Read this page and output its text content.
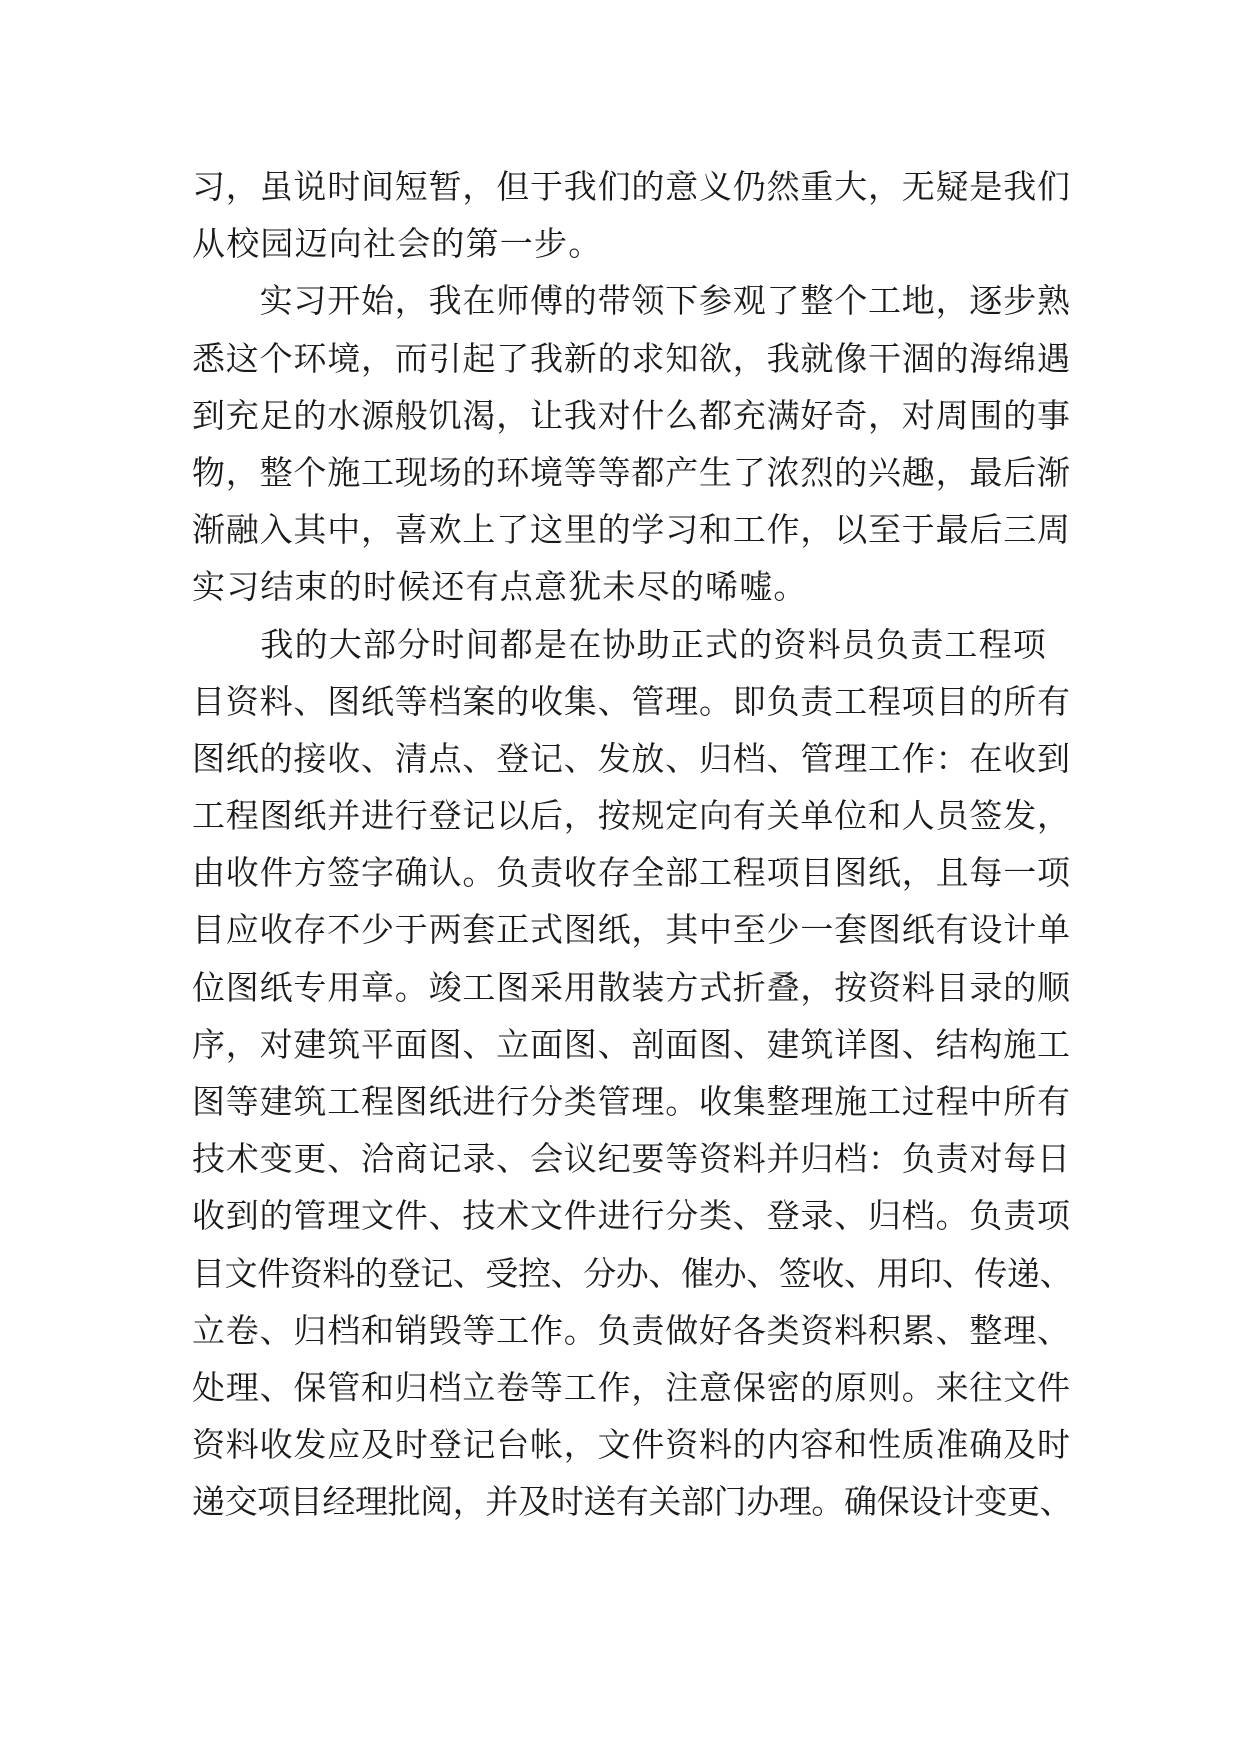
习，虽说时间短暂，但于我们的意义仍然重大，无疑是我们
从校园迈向社会的第一步。
　　实习开始，我在师傅的带领下参观了整个工地，逐步熟
悉这个环境，而引起了我新的求知欲，我就像干涸的海绵遇
到充足的水源般饥渴，让我对什么都充满好奇，对周围的事
物，整个施工现场的环境等等都产生了浓烈的兴趣，最后渐
渐融入其中，喜欢上了这里的学习和工作，以至于最后三周
实习结束的时候还有点意犹未尽的唏嘘。
　　我的大部分时间都是在协助正式的资料员负责工程项
目资料、图纸等档案的收集、管理。即负责工程项目的所有
图纸的接收、清点、登记、发放、归档、管理工作：在收到
工程图纸并进行登记以后，按规定向有关单位和人员签发，
由收件方签字确认。负责收存全部工程项目图纸，且每一项
目应收存不少于两套正式图纸，其中至少一套图纸有设计单
位图纸专用章。竣工图采用散装方式折叠，按资料目录的顺
序，对建筑平面图、立面图、剖面图、建筑详图、结构施工
图等建筑工程图纸进行分类管理。收集整理施工过程中所有
技术变更、洽商记录、会议纪要等资料并归档：负责对每日
收到的管理文件、技术文件进行分类、登录、归档。负责项
目文件资料的登记、受控、分办、催办、签收、用印、传递、
立卷、归档和销毁等工作。负责做好各类资料积累、整理、
处理、保管和归档立卷等工作，注意保密的原则。来往文件
资料收发应及时登记台帐，文件资料的内容和性质准确及时
递交项目经理批阅，并及时送有关部门办理。确保设计变更、
